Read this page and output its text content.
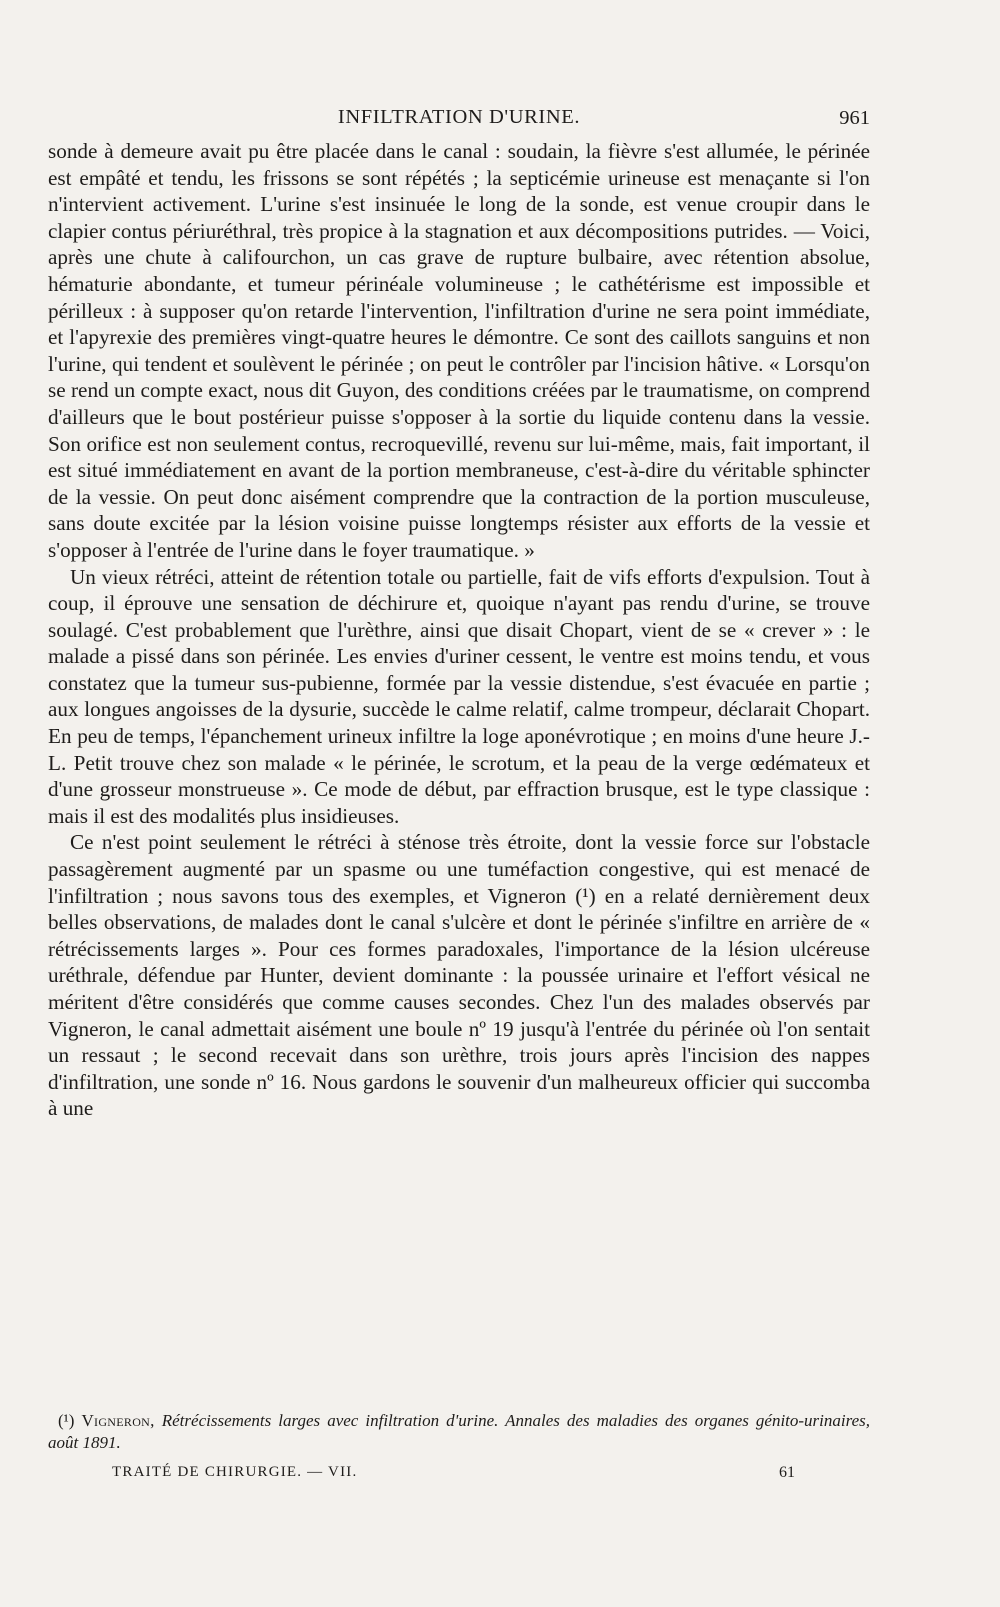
INFILTRATION D'URINE.	961

sonde à demeure avait pu être placée dans le canal : soudain, la fièvre s'est allumée, le périnée est empâté et tendu, les frissons se sont répétés ; la septicémie urineuse est menaçante si l'on n'intervient activement. L'urine s'est insinuée le long de la sonde, est venue croupir dans le clapier contus périuréthral, très propice à la stagnation et aux décompositions putrides. — Voici, après une chute à califourchon, un cas grave de rupture bulbaire, avec rétention absolue, hématurie abondante, et tumeur périnéale volumineuse ; le cathétérisme est impossible et périlleux : à supposer qu'on retarde l'intervention, l'infiltration d'urine ne sera point immédiate, et l'apyrexie des premières vingt-quatre heures le démontre. Ce sont des caillots sanguins et non l'urine, qui tendent et soulèvent le périnée ; on peut le contrôler par l'incision hâtive. « Lorsqu'on se rend un compte exact, nous dit Guyon, des conditions créées par le traumatisme, on comprend d'ailleurs que le bout postérieur puisse s'opposer à la sortie du liquide contenu dans la vessie. Son orifice est non seulement contus, recroquevillé, revenu sur lui-même, mais, fait important, il est situé immédiatement en avant de la portion membraneuse, c'est-à-dire du véritable sphincter de la vessie. On peut donc aisément comprendre que la contraction de la portion musculeuse, sans doute excitée par la lésion voisine puisse longtemps résister aux efforts de la vessie et s'opposer à l'entrée de l'urine dans le foyer traumatique. »

Un vieux rétréci, atteint de rétention totale ou partielle, fait de vifs efforts d'expulsion. Tout à coup, il éprouve une sensation de déchirure et, quoique n'ayant pas rendu d'urine, se trouve soulagé. C'est probablement que l'urèthre, ainsi que disait Chopart, vient de se « crever » : le malade a pissé dans son périnée. Les envies d'uriner cessent, le ventre est moins tendu, et vous constatez que la tumeur sus-pubienne, formée par la vessie distendue, s'est évacuée en partie ; aux longues angoisses de la dysurie, succède le calme relatif, calme trompeur, déclarait Chopart. En peu de temps, l'épanchement urineux infiltre la loge aponévrotique ; en moins d'une heure J.-L. Petit trouve chez son malade « le périnée, le scrotum, et la peau de la verge œdémateux et d'une grosseur monstrueuse ». Ce mode de début, par effraction brusque, est le type classique : mais il est des modalités plus insidieuses.

Ce n'est point seulement le rétréci à sténose très étroite, dont la vessie force sur l'obstacle passagèrement augmenté par un spasme ou une tuméfaction congestive, qui est menacé de l'infiltration ; nous savons tous des exemples, et Vigneron (¹) en a relaté dernièrement deux belles observations, de malades dont le canal s'ulcère et dont le périnée s'infiltre en arrière de « rétrécissements larges ». Pour ces formes paradoxales, l'importance de la lésion ulcéreuse uréthrale, défendue par Hunter, devient dominante : la poussée urinaire et l'effort vésical ne méritent d'être considérés que comme causes secondes. Chez l'un des malades observés par Vigneron, le canal admettait aisément une boule nº 19 jusqu'à l'entrée du périnée où l'on sentait un ressaut ; le second recevait dans son urèthre, trois jours après l'incision des nappes d'infiltration, une sonde nº 16. Nous gardons le souvenir d'un malheureux officier qui succomba à une

(¹) Vigneron, Rétrécissements larges avec infiltration d'urine. Annales des maladies des organes génito-urinaires, août 1891.

TRAITÉ DE CHIRURGIE. — VII.	61
